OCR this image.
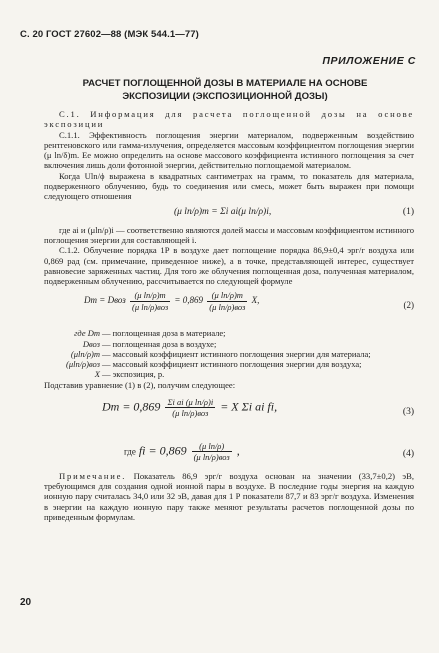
С. 20 ГОСТ 27602—88 (МЭК 544.1—77)
ПРИЛОЖЕНИЕ С
РАСЧЕТ ПОГЛОЩЕННОЙ ДОЗЫ В МАТЕРИАЛЕ НА ОСНОВЕ
ЭКСПОЗИЦИИ (ЭКСПОЗИЦИОННОЙ ДОЗЫ)

С.1. Информация для расчета поглощенной дозы на основе экспозиции

С.1.1. Эффективность поглощения энергии материалом, подверженным воздействию рентгеновского или гамма-излучения, определяется массовым коэффициентом поглощения энергии (μ ln/δ)m. Ее можно определить на основе массового коэффициента истинного поглощения за счет включения лишь доли фотонной энергии, действительно поглощаемой материалом.

Когда Uln/ϕ выражена в квадратных сантиметрах на грамм, то показатель для материала, подверженного облучению, будь то соединения или смесь, может быть выражен при помощи следующего отношения

(μ ln/ρ)m = Σi ai(μ ln/ρ)i,	(1)

где ai и (μln/ρ)i — соответственно являются долей массы и массовым коэффициентом истинного поглощения энергии для составляющей i.

С.1.2. Облучение порядка 1Р в воздухе дает поглощение порядка 86,9±0,4 эрг/г воздуха или 0,869 рад (см. примечание, приведенное ниже), а в точке, представляющей интерес, существует равновесие заряженных частиц. Для того же облучения поглощенная доза, полученная материалом, подверженным облучению, рассчитывается по следующей формуле

Dm = Dвоз $\frac{\text{(μ ln/ρ)m}}{\text{(μ ln/ρ)воз}} = 0,869 \frac{\text{(μ ln/ρ)m}}{\text{(μ ln/ρ)воз}} X$,
(2)
где Dm — поглощенная доза в материале;
Dвоз — поглощенная доза в воздухе;
(μln/ρ)m — массовый коэффициент истинного поглощения энергии для материала;
(μln/ρ)воз — массовый коэффициент истинного поглощения энергии для воздуха;
X — экспозиция, р.

Подставив уравнение (1) в (2), получим следующее:

$Dm = 0,869 \frac{\text{Σi ai (μ ln/ρ)i}}{\text{(μ ln/ρ)воз}} = X$ Σi ai fi,	(3)
где fi = $0,869 \frac{\text{(μ ln/ρ)}}{\text{(μ ln/ρ)воз}}$ ,	(4)

Примечание. Показатель 86,9 эрг/г воздуха основан на значении (33,7±0,2) эВ, требующимся для создания одной ионной пары в воздухе. В последние годы энергия на каждую ионную пару считалась 34,0 или 32 эВ, давая для 1 Р показатели 87,7 и 83 эрг/г воздуха. Изменения в энергии на каждую ионную пару также меняют результаты расчетов поглощенной дозы по приведенным формулам.

20
